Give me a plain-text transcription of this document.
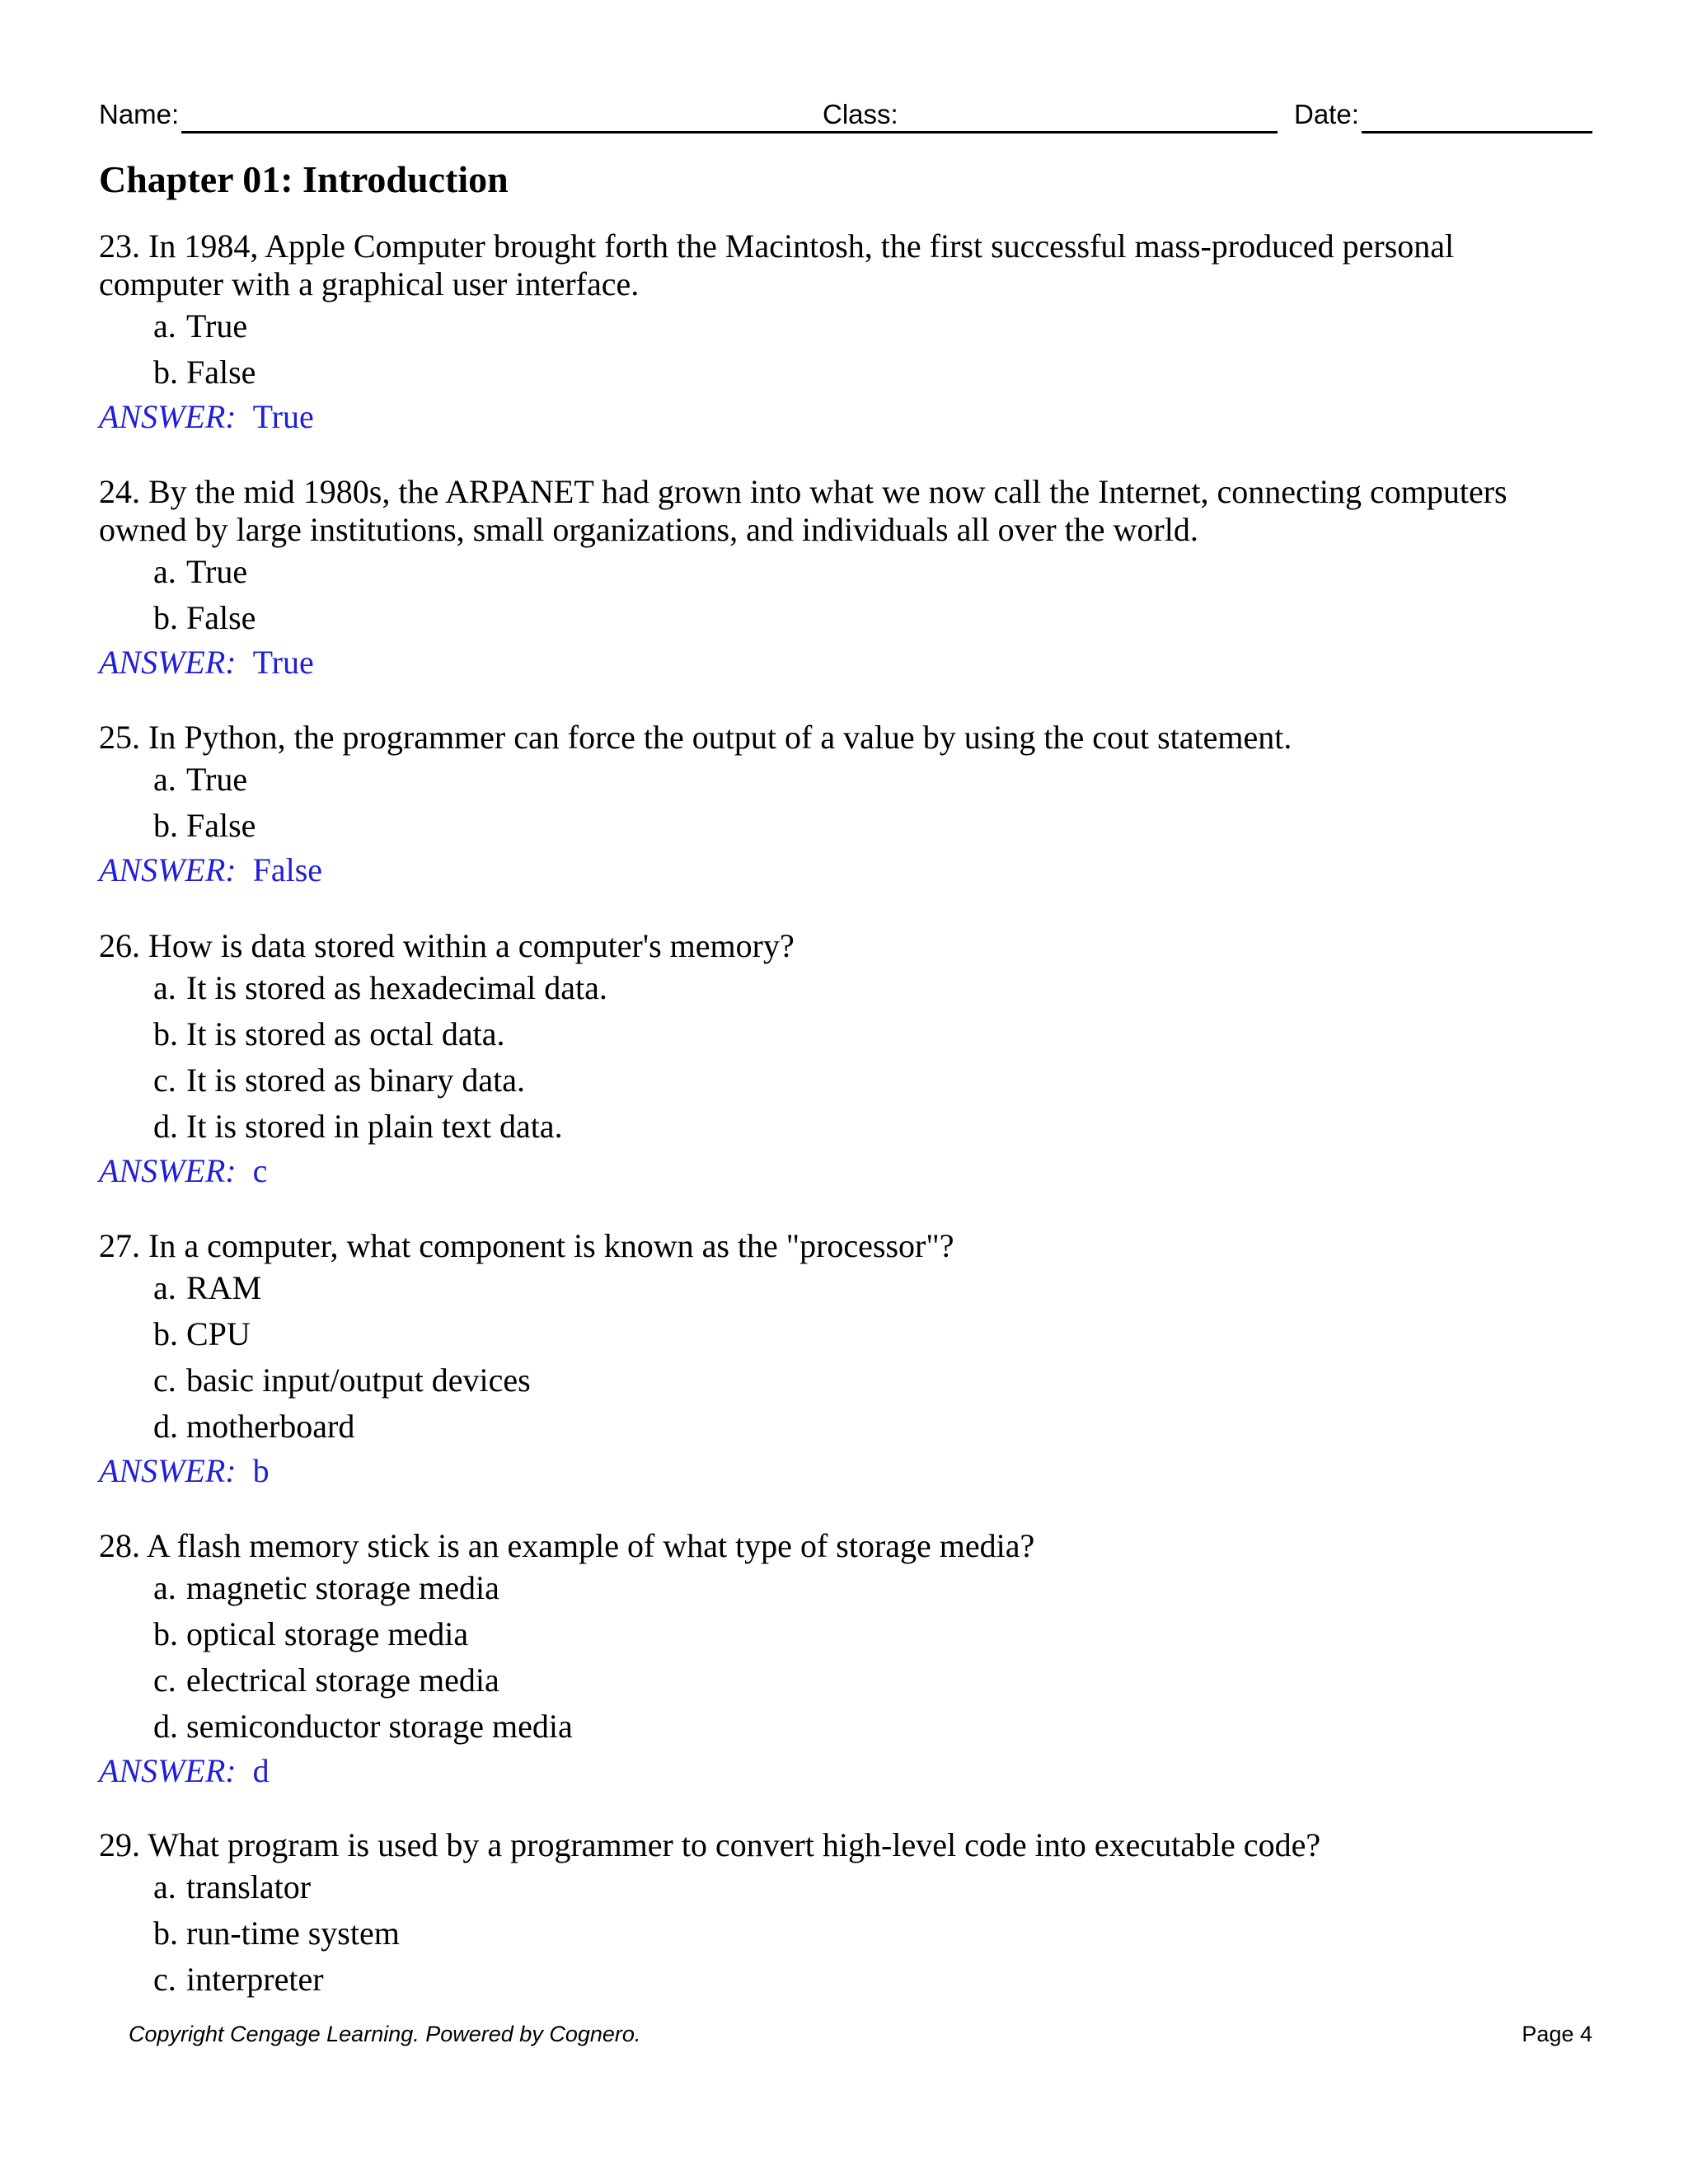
Name:	Class:	Date:
Chapter 01: Introduction

23. In 1984, Apple Computer brought forth the Macintosh, the first successful mass-produced personal computer with a graphical user interface.

a. True
b. False
ANSWER: True

24. By the mid 1980s, the ARPANET had grown into what we now call the Internet, connecting computers owned by large institutions, small organizations, and individuals all over the world.

a. True
b. False
ANSWER: True

25. In Python, the programmer can force the output of a value by using the cout statement.

a. True
b. False
ANSWER: False

26. How is data stored within a computer's memory?

a. It is stored as hexadecimal data.
b. It is stored as octal data.
c. It is stored as binary data.
d. It is stored in plain text data.
ANSWER: c

27. In a computer, what component is known as the "processor"?

a. RAM
b. CPU
c. basic input/output devices
d. motherboard
ANSWER: b

28. A flash memory stick is an example of what type of storage media?

a. magnetic storage media
b. optical storage media
c. electrical storage media
d. semiconductor storage media
ANSWER: d

29. What program is used by a programmer to convert high-level code into executable code?

a. translator
b. run-time system
c. interpreter
Copyright Cengage Learning. Powered by Cognero.	Page 4
